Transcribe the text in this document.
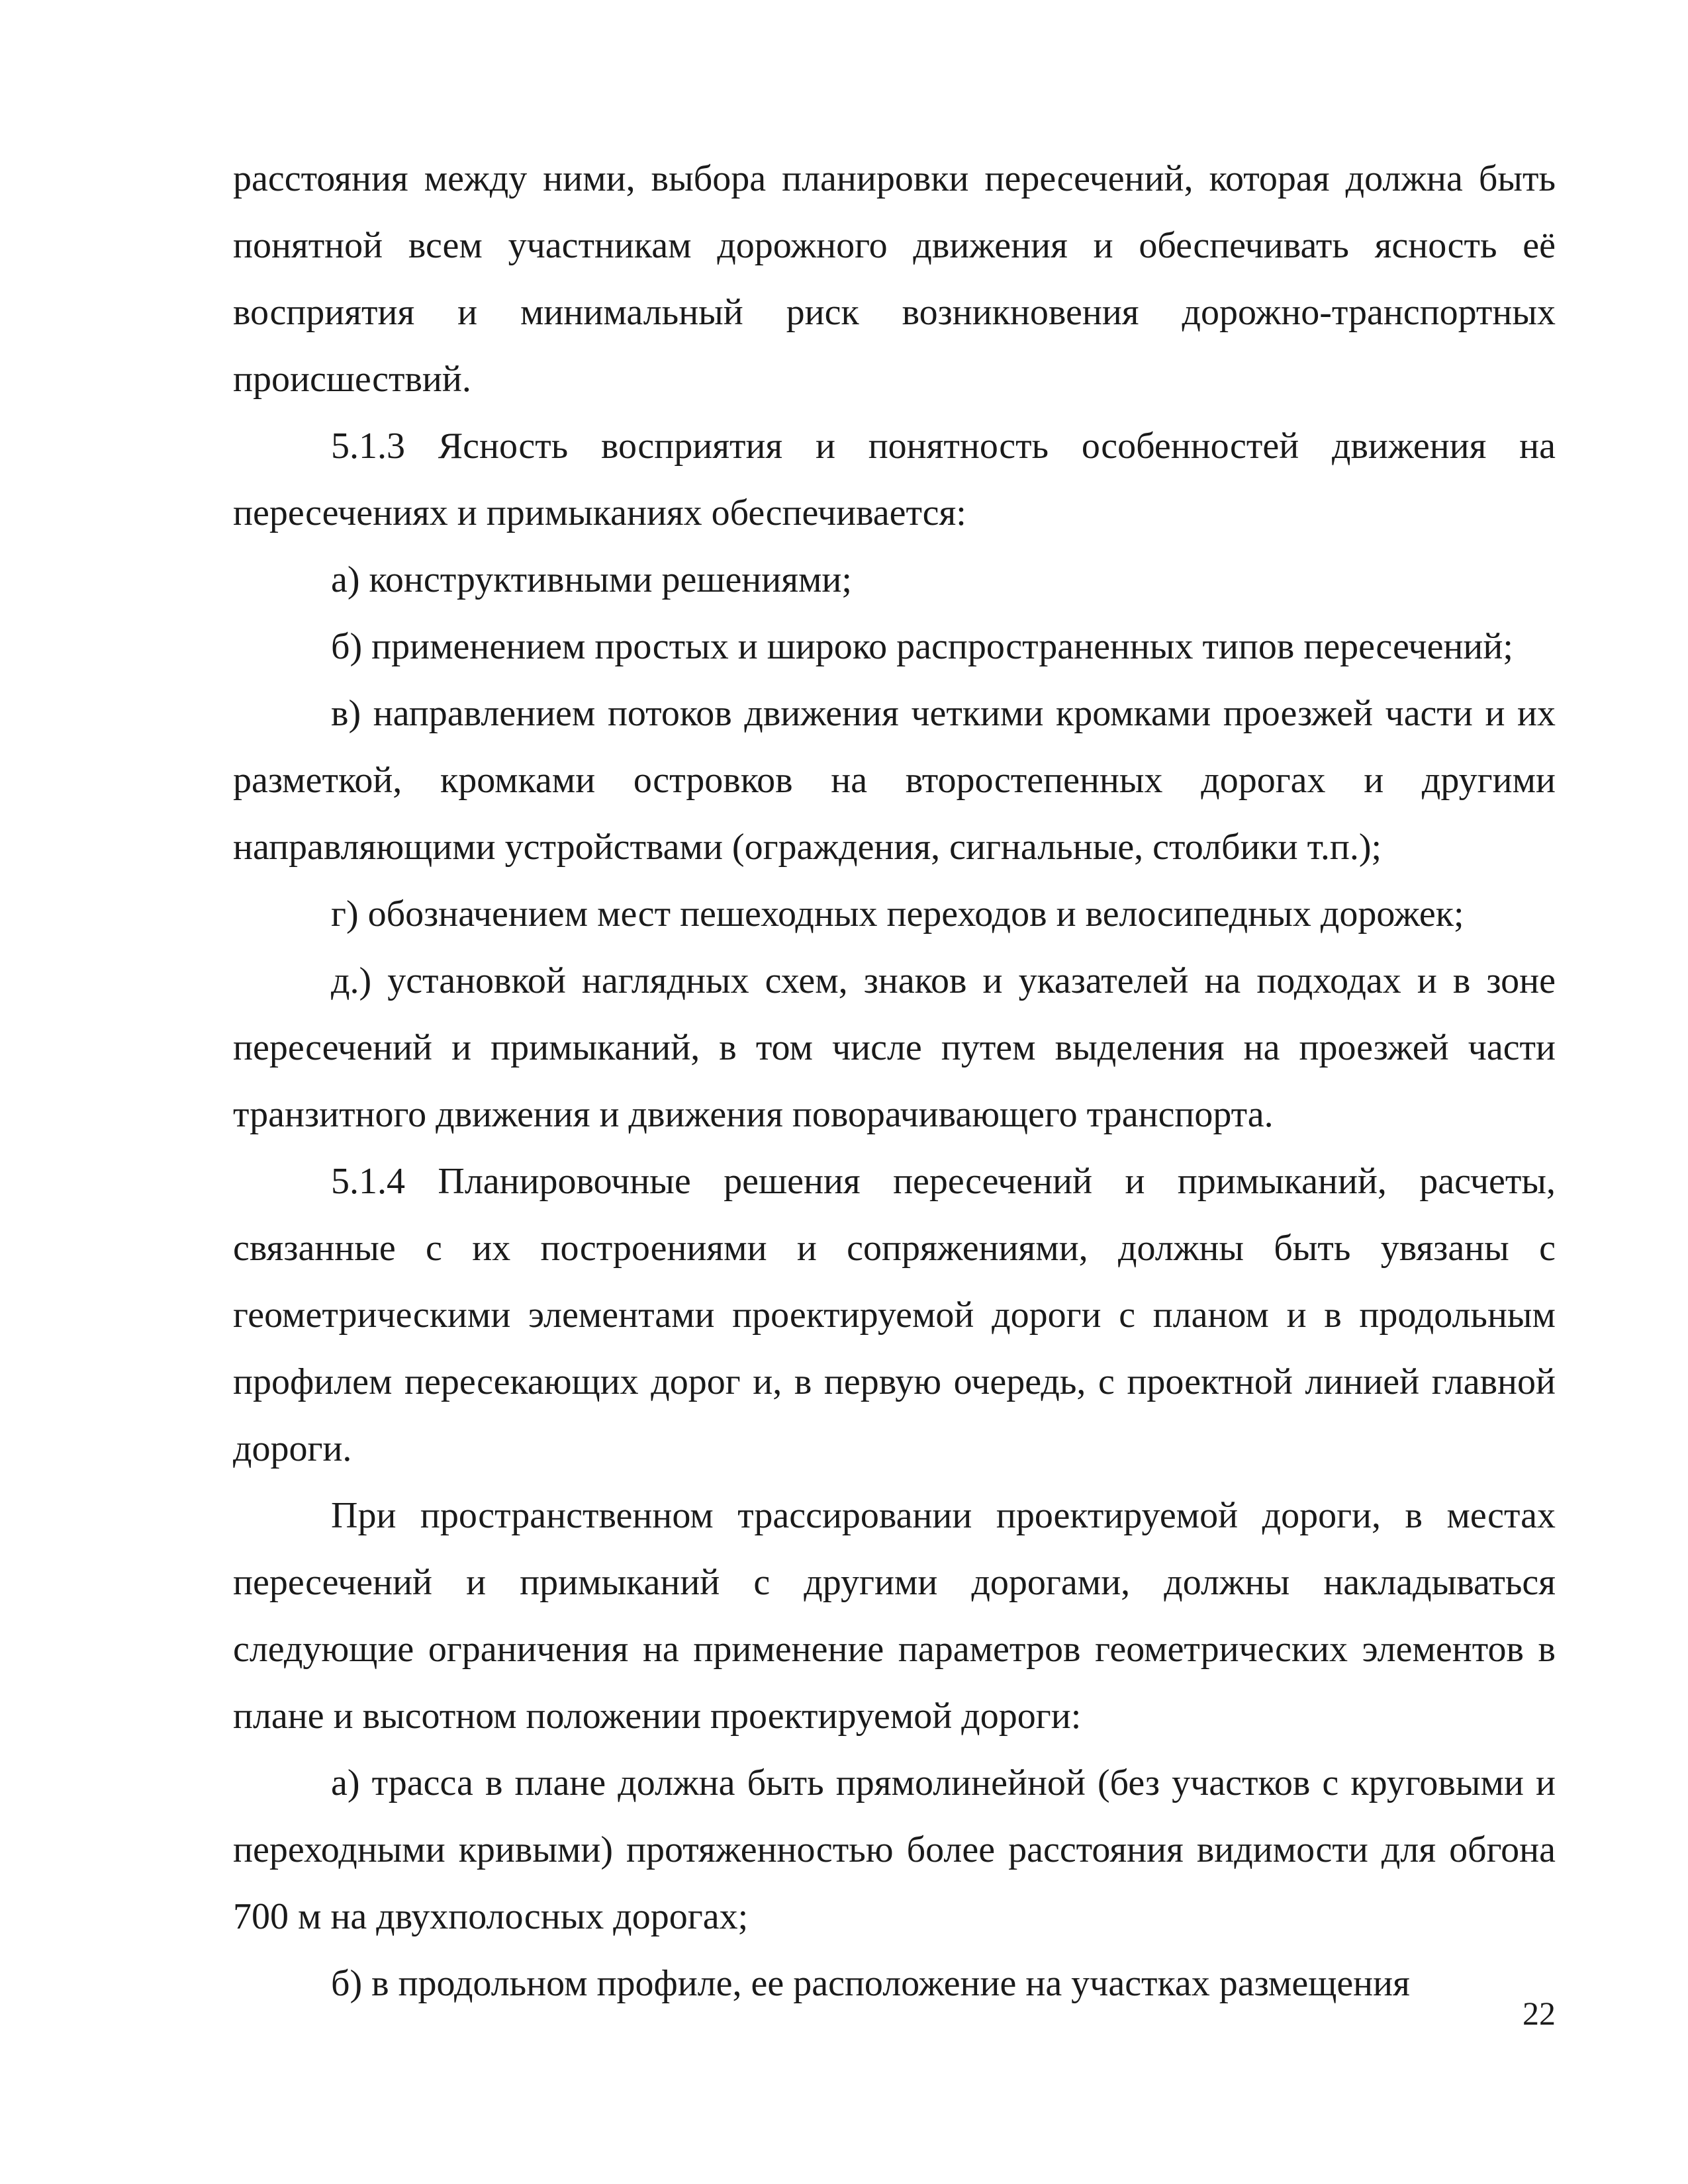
расстояния между ними, выбора планировки пересечений, которая должна быть понятной всем участникам дорожного движения и обеспечивать ясность её восприятия и минимальный риск возникновения дорожно-транспортных происшествий.

5.1.3 Ясность восприятия и понятность особенностей движения на пересечениях и примыканиях обеспечивается:

а) конструктивными решениями;

б) применением простых и широко распространенных типов пересечений;

в) направлением потоков движения четкими кромками проезжей части и их разметкой, кромками островков на второстепенных дорогах и другими направляющими устройствами (ограждения, сигнальные, столбики т.п.);

г) обозначением мест пешеходных переходов и велосипедных дорожек;

д.) установкой наглядных схем, знаков и указателей на подходах и в зоне пересечений и примыканий, в том числе путем выделения на проезжей части транзитного движения и движения поворачивающего транспорта.

5.1.4 Планировочные решения пересечений и примыканий, расчеты, связанные с их построениями и сопряжениями, должны быть увязаны с геометрическими элементами проектируемой дороги с планом и в продольным профилем пересекающих дорог и, в первую очередь, с проектной линией главной дороги.

При пространственном трассировании проектируемой дороги, в местах пересечений и примыканий с другими дорогами, должны накладываться следующие ограничения на применение параметров геометрических элементов в плане и высотном положении проектируемой дороги:

а) трасса в плане должна быть прямолинейной (без участков с круговыми и переходными кривыми) протяженностью более расстояния видимости для обгона 700 м на двухполосных дорогах;

б) в продольном профиле, ее расположение на участках размещения

22
